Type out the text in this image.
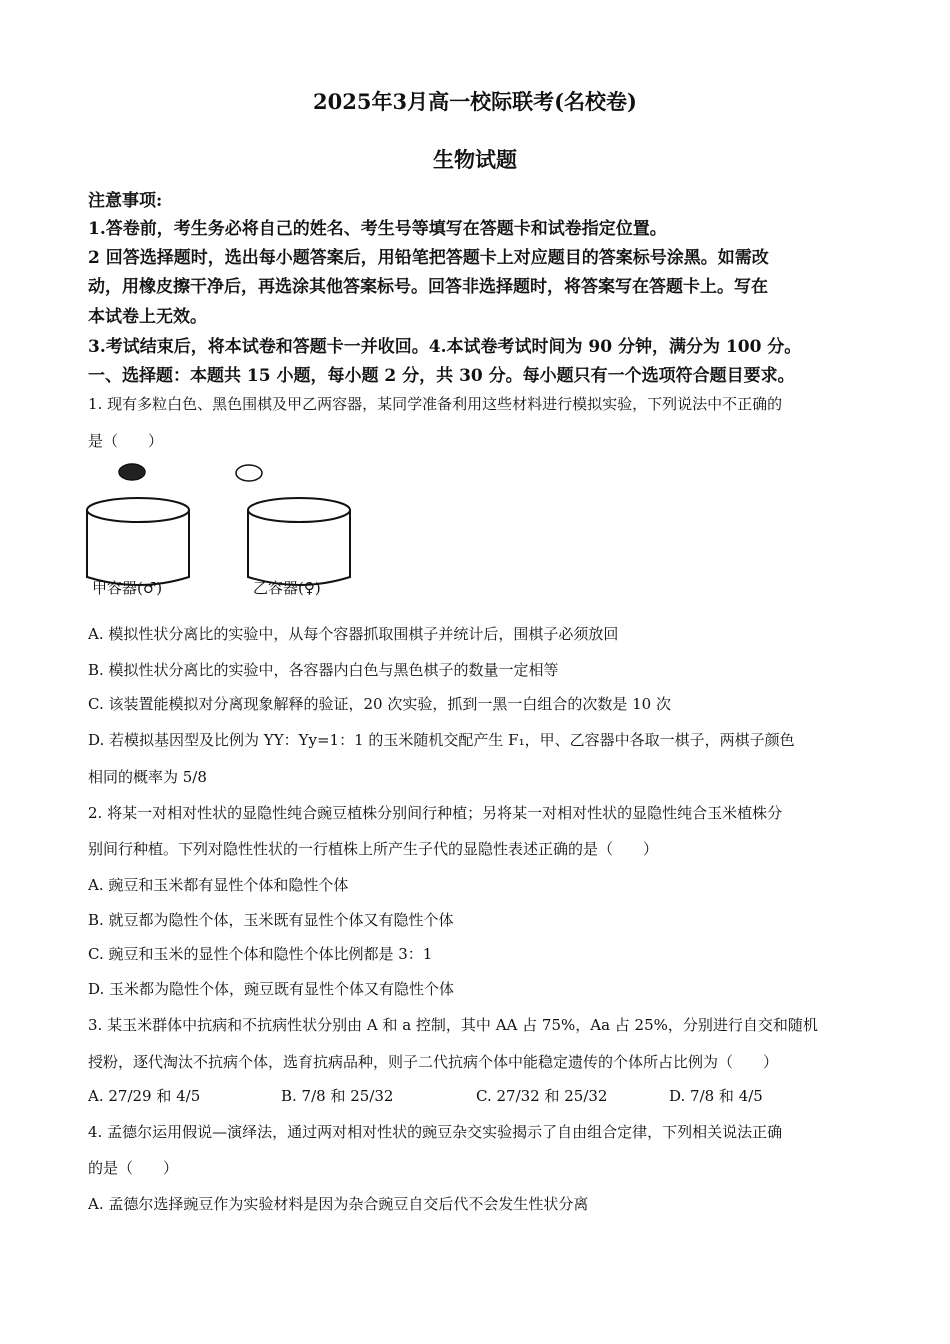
2025年3月高一校际联考(名校卷)
生物试题
注意事项:
1.答卷前，考生务必将自己的姓名、考生号等填写在答题卡和试卷指定位置。
2 回答选择题时，选出每小题答案后，用铅笔把答题卡上对应题目的答案标号涂黑。如需改
动，用橡皮擦干净后，再选涂其他答案标号。回答非选择题时，将答案写在答题卡上。写在
本试卷上无效。
3.考试结束后，将本试卷和答题卡一并收回。4.本试卷考试时间为 90 分钟，满分为 100 分。
一、选择题：本题共 15 小题，每小题 2 分，共 30 分。每小题只有一个选项符合题目要求。
1. 现有多粒白色、黑色围棋及甲乙两容器，某同学准备利用这些材料进行模拟实验，下列说法中不正确的
是（　　）
甲容器(♂)	乙容器(♀)
A. 模拟性状分离比的实验中，从每个容器抓取围棋子并统计后，围棋子必须放回
B. 模拟性状分离比的实验中，各容器内白色与黑色棋子的数量一定相等
C. 该装置能模拟对分离现象解释的验证，20 次实验，抓到一黑一白组合的次数是 10 次
D. 若模拟基因型及比例为 YY：Yy=1：1 的玉米随机交配产生 F₁，甲、乙容器中各取一棋子，两棋子颜色
相同的概率为 5/8
2. 将某一对相对性状的显隐性纯合豌豆植株分别间行种植；另将某一对相对性状的显隐性纯合玉米植株分
别间行种植。下列对隐性性状的一行植株上所产生子代的显隐性表述正确的是（　　）
A. 豌豆和玉米都有显性个体和隐性个体
B. 就豆都为隐性个体，玉米既有显性个体又有隐性个体
C. 豌豆和玉米的显性个体和隐性个体比例都是 3：1
D. 玉米都为隐性个体，豌豆既有显性个体又有隐性个体
3. 某玉米群体中抗病和不抗病性状分别由 A 和 a 控制，其中 AA 占 75%，Aa 占 25%，分别进行自交和随机
授粉，逐代淘汰不抗病个体，选育抗病品种，则子二代抗病个体中能稳定遗传的个体所占比例为（　　）
A. 27/29 和 4/5	B. 7/8 和 25/32	C. 27/32 和 25/32	D. 7/8 和 4/5
4. 孟德尔运用假说—演绎法，通过两对相对性状的豌豆杂交实验揭示了自由组合定律，下列相关说法正确
的是（　　）
A. 孟德尔选择豌豆作为实验材料是因为杂合豌豆自交后代不会发生性状分离
